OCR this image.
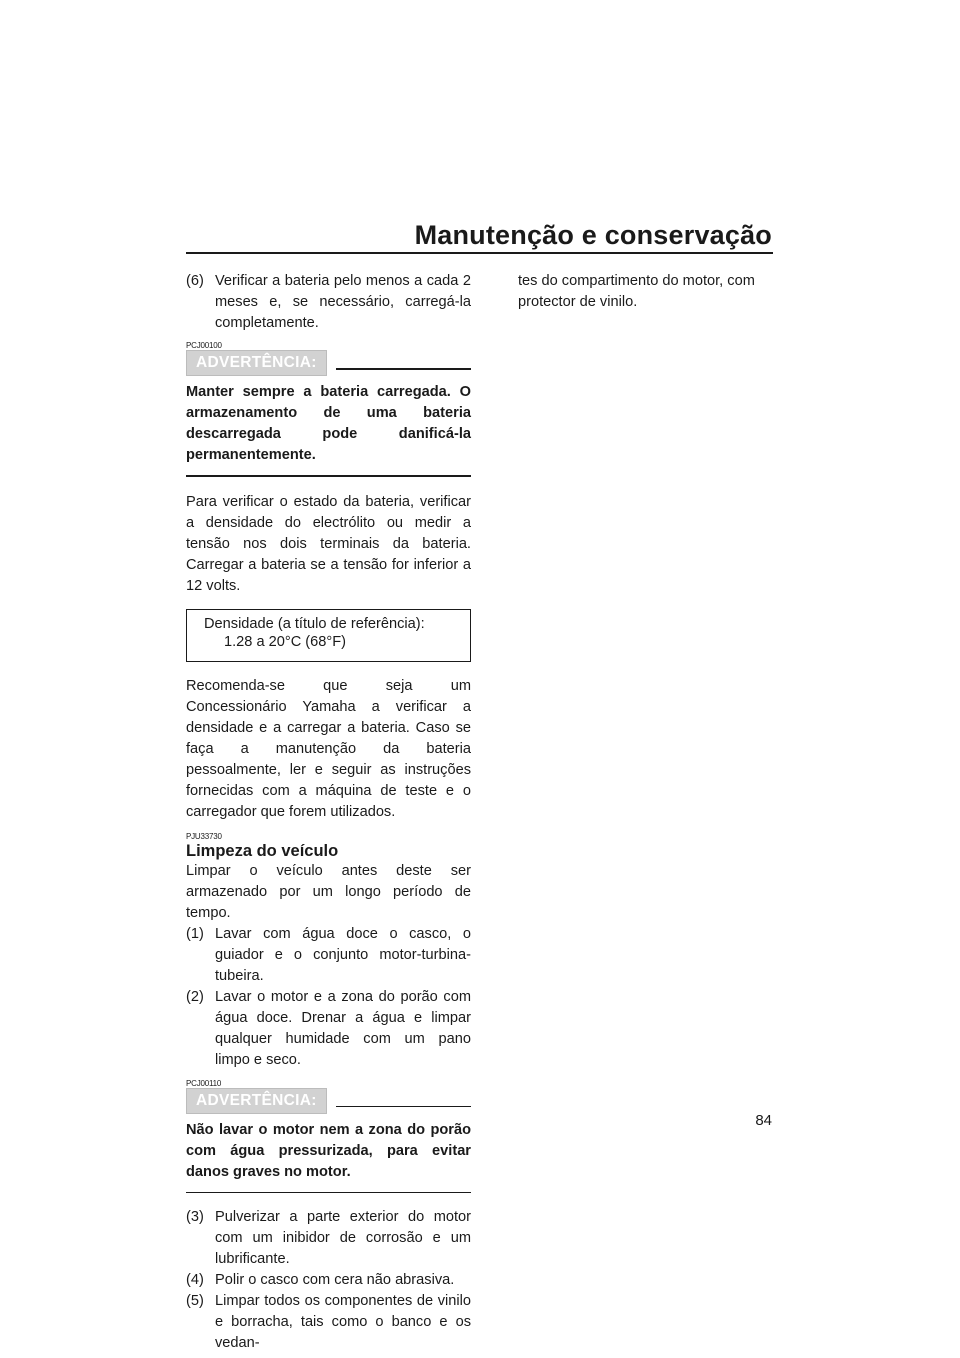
Manutenção e conservação
(6) Verificar a bateria pelo menos a cada 2 meses e, se necessário, carregá-la completamente.
PCJ00100
ADVERTÊNCIA:
Manter sempre a bateria carregada. O armazenamento de uma bateria descarregada pode danificá-la permanentemente.

Para verificar o estado da bateria, verificar a densidade do electrólito ou medir a tensão nos dois terminais da bateria. Carregar a bateria se a tensão for inferior a 12 volts.

Densidade (a título de referência):
1.28 a 20°C (68°F)

Recomenda-se que seja um Concessionário Yamaha a verificar a densidade e a carregar a bateria. Caso se faça a manutenção da bateria pessoalmente, ler e seguir as instruções fornecidas com a máquina de teste e o carregador que forem utilizados.

PJU33730
Limpeza do veículo

Limpar o veículo antes deste ser armazenado por um longo período de tempo.

(1) Lavar com água doce o casco, o guiador e o conjunto motor-turbina-tubeira.
(2) Lavar o motor e a zona do porão com água doce. Drenar a água e limpar qualquer humidade com um pano limpo e seco.
PCJ00110
ADVERTÊNCIA:
Não lavar o motor nem a zona do porão com água pressurizada, para evitar danos graves no motor.
(3) Pulverizar a parte exterior do motor com um inibidor de corrosão e um lubrificante.
(4) Polir o casco com cera não abrasiva.
(5) Limpar todos os componentes de vinilo e borracha, tais como o banco e os vedan-

tes do compartimento do motor, com protector de vinilo.

84
